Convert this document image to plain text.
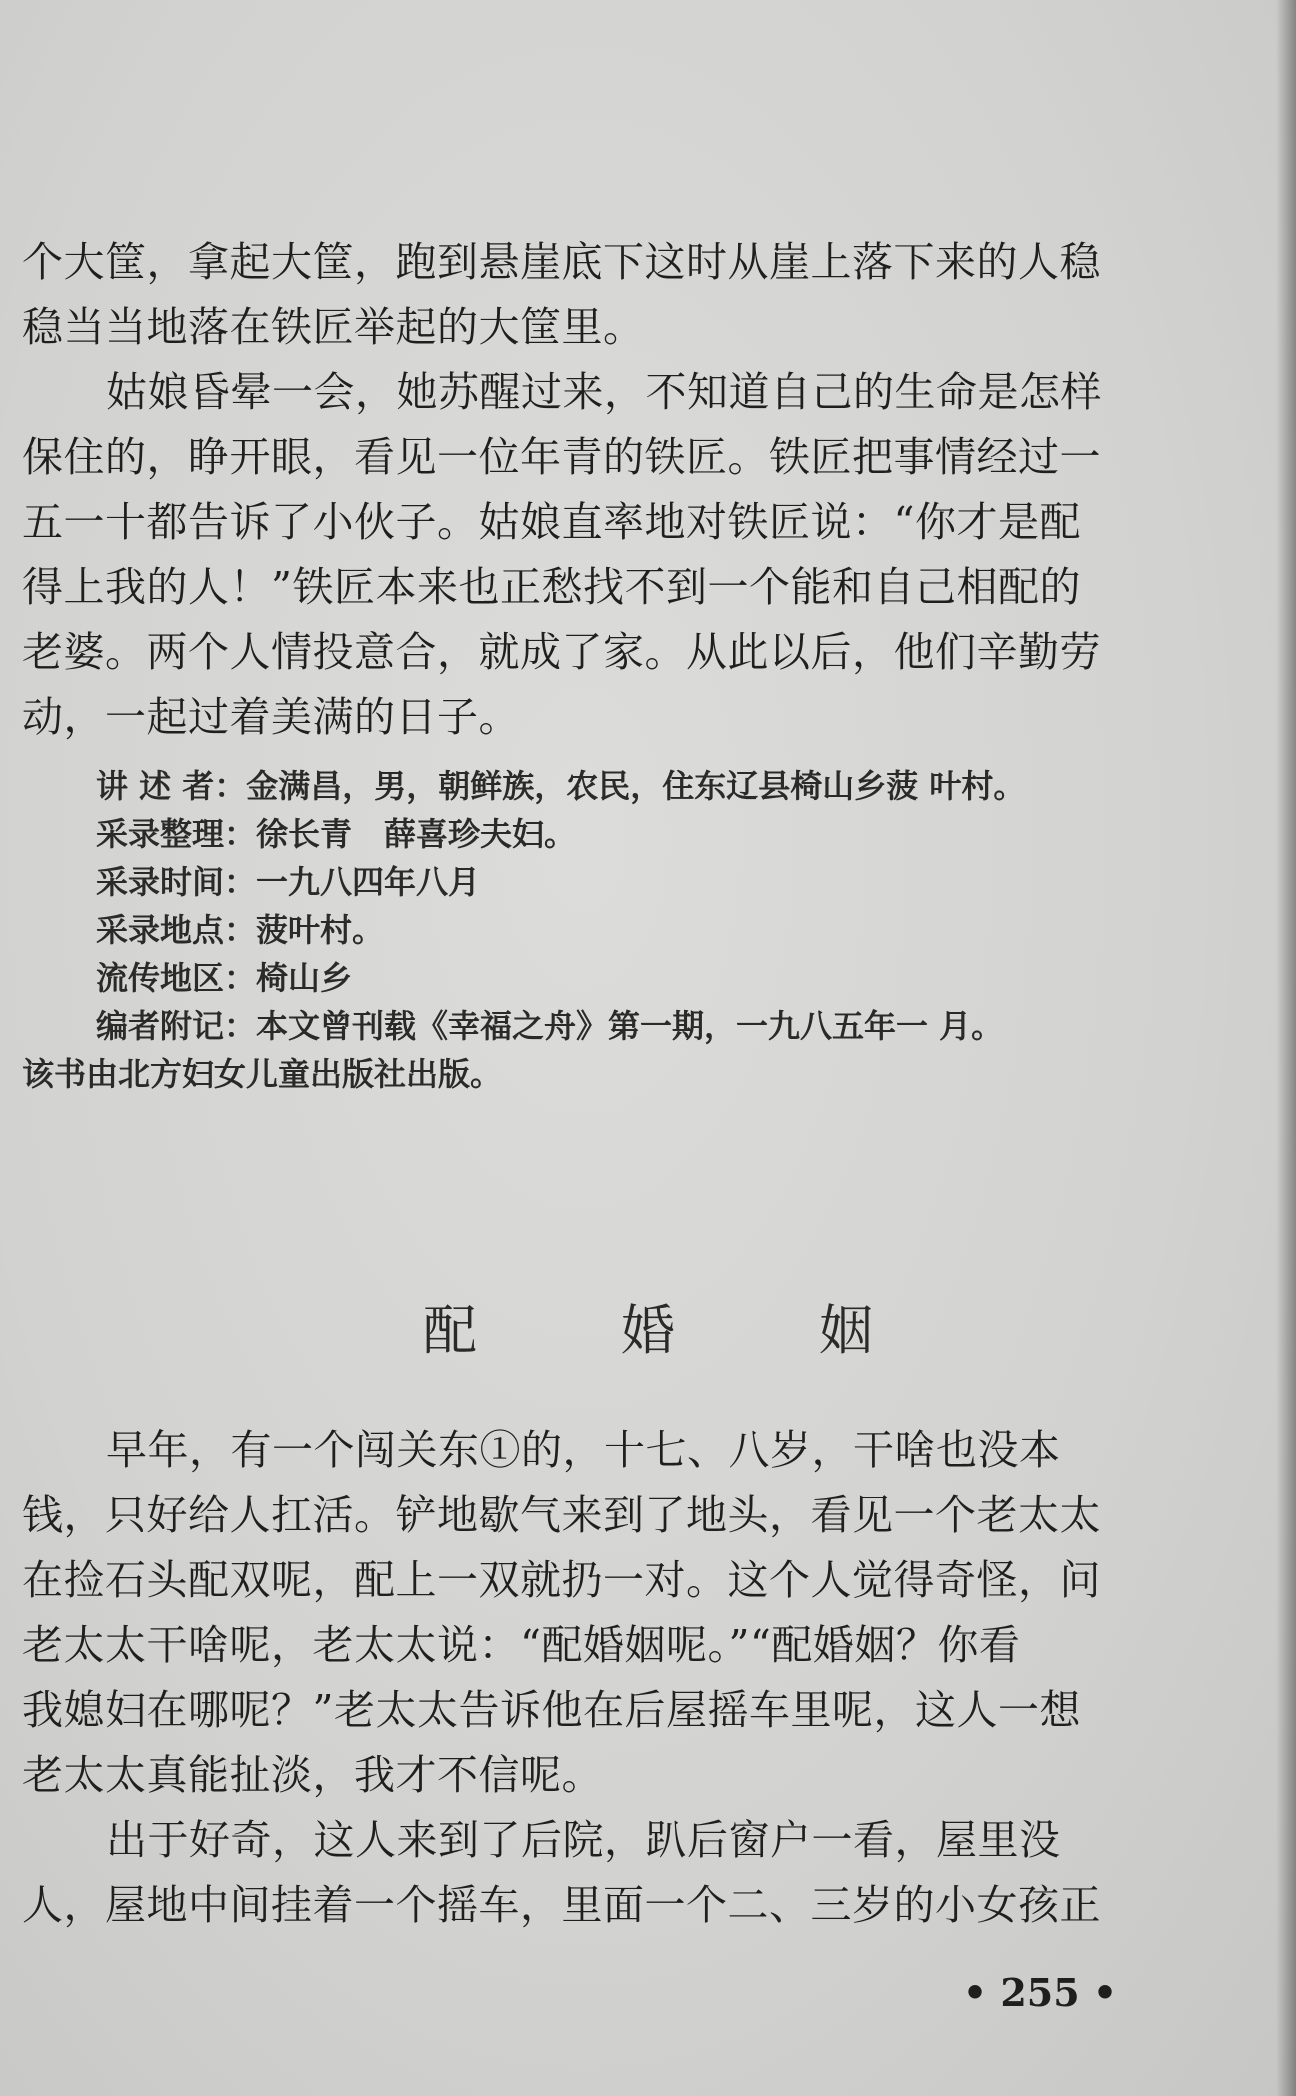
个大筐，拿起大筐，跑到悬崖底下这时从崖上落下来的人稳
稳当当地落在铁匠举起的大筐里。
姑娘昏晕一会，她苏醒过来，不知道自己的生命是怎样
保住的，睁开眼，看见一位年青的铁匠。铁匠把事情经过一
五一十都告诉了小伙子。姑娘直率地对铁匠说：“你才是配
得上我的人！”铁匠本来也正愁找不到一个能和自己相配的
老婆。两个人情投意合，就成了家。从此以后，他们辛勤劳
动，一起过着美满的日子。
讲 述 者：金满昌，男，朝鲜族，农民，住东辽县椅山乡菠 叶村。
采录整理：徐长青　薛喜珍夫妇。
采录时间：一九八四年八月
采录地点：菠叶村。
流传地区：椅山乡
编者附记：本文曾刊载《幸福之舟》第一期，一九八五年一 月。
该书由北方妇女儿童出版社出版。
配	婚	姻
早年，有一个闯关东①的，十七、八岁，干啥也没本
钱，只好给人扛活。铲地歇气来到了地头，看见一个老太太
在捡石头配双呢，配上一双就扔一对。这个人觉得奇怪，问
老太太干啥呢，老太太说：“配婚姻呢。”“配婚姻？你看
我媳妇在哪呢？”老太太告诉他在后屋摇车里呢，这人一想
老太太真能扯淡，我才不信呢。
出于好奇，这人来到了后院，趴后窗户一看，屋里没
人，屋地中间挂着一个摇车，里面一个二、三岁的小女孩正
• 255 •
